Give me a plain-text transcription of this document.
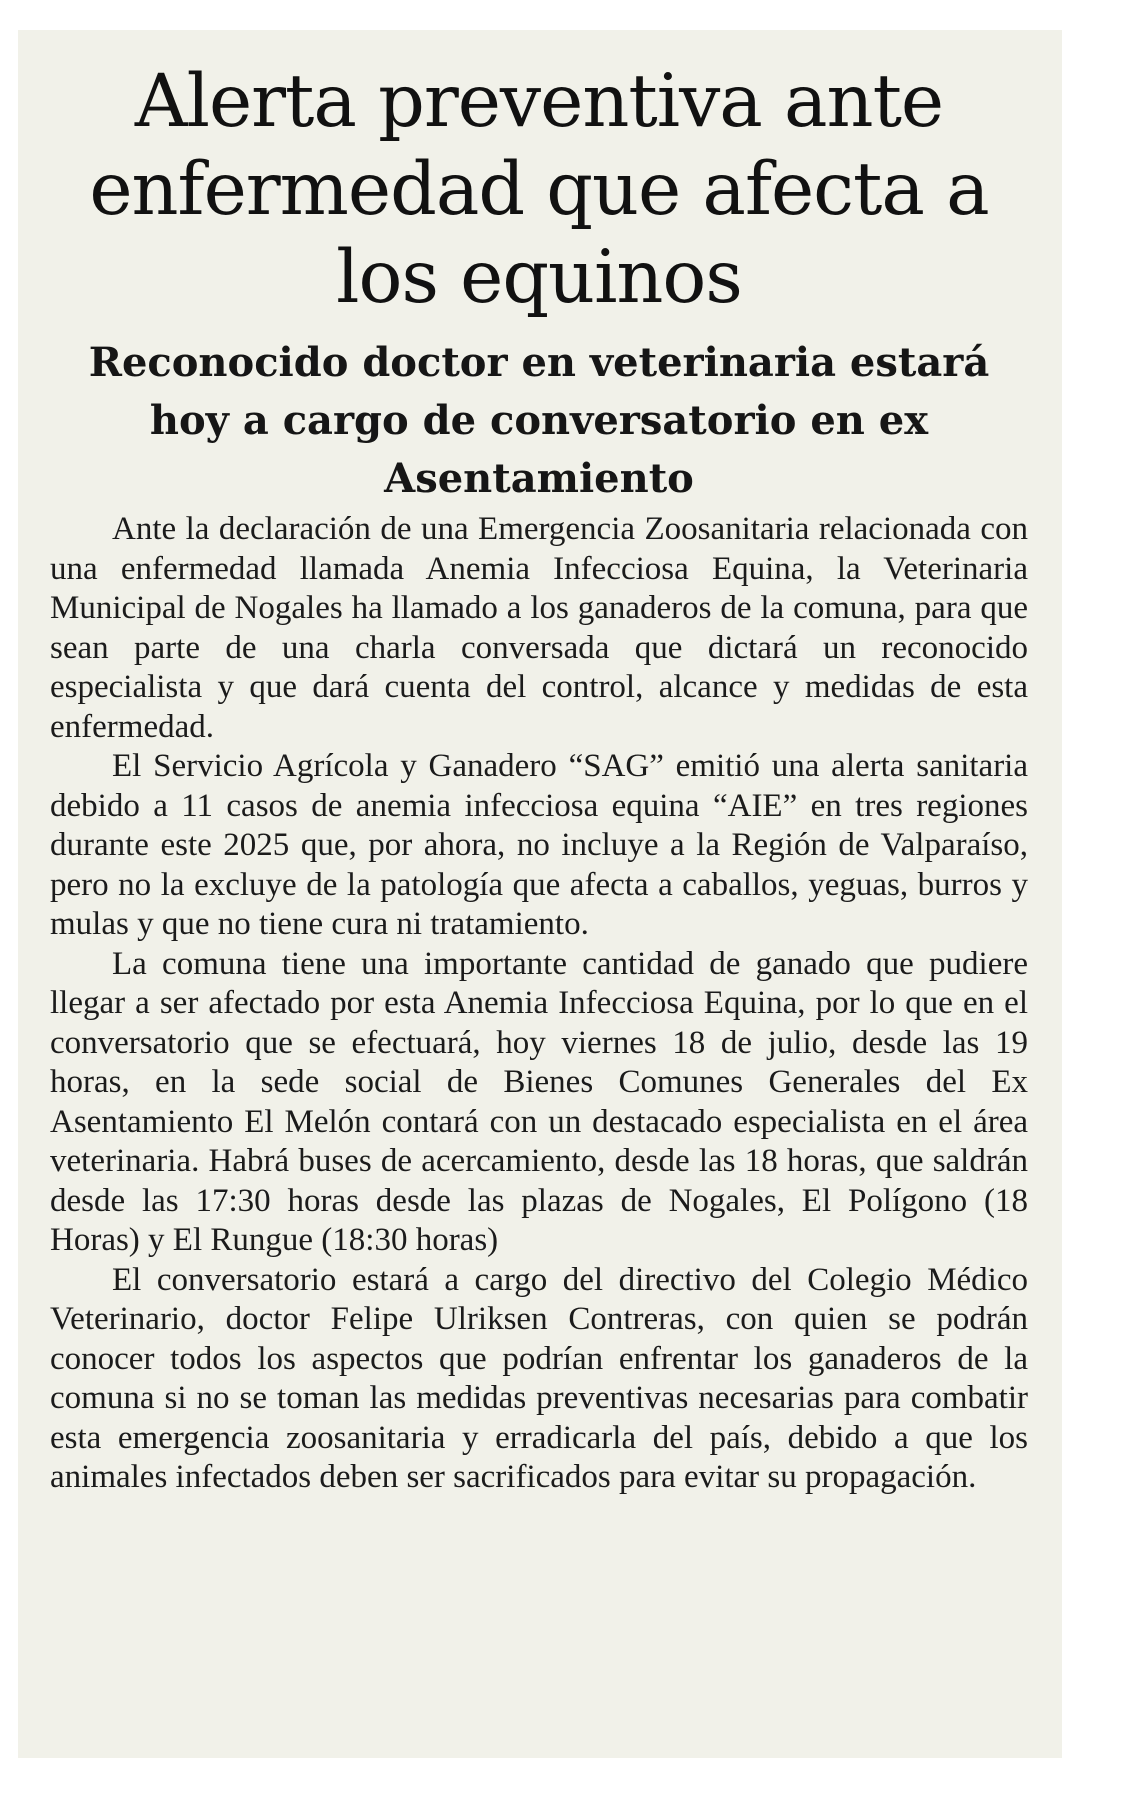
Alerta preventiva ante enfermedad que afecta a los equinos
Reconocido doctor en veterinaria estará hoy a cargo de conversatorio en ex Asentamiento

Ante la declaración de una Emergencia Zoosanitaria relacionada con una enfermedad llamada Anemia Infecciosa Equina, la Veterinaria Municipal de Nogales ha llamado a los ganaderos de la comuna, para que sean parte de una charla conversada que dictará un reconocido especialista y que dará cuenta del control, alcance y medidas de esta enfermedad.

El Servicio Agrícola y Ganadero “SAG” emitió una alerta sanitaria debido a 11 casos de anemia infecciosa equina “AIE” en tres regiones durante este 2025 que, por ahora, no incluye a la Región de Valparaíso, pero no la excluye de la patología que afecta a caballos, yeguas, burros y mulas y que no tiene cura ni tratamiento.

La comuna tiene una importante cantidad de ganado que pudiere llegar a ser afectado por esta Anemia Infecciosa Equina, por lo que en el conversatorio que se efectuará, hoy viernes 18 de julio, desde las 19 horas, en la sede social de Bienes Comunes Generales del Ex Asentamiento El Melón contará con un destacado especialista en el área veterinaria. Habrá buses de acercamiento, desde las 18 horas, que saldrán desde las 17:30 horas desde las plazas de Nogales, El Polígono (18 Horas) y El Rungue (18:30 horas)

El conversatorio estará a cargo del directivo del Colegio Médico Veterinario, doctor Felipe Ulriksen Contreras, con quien se podrán conocer todos los aspectos que podrían enfrentar los ganaderos de la comuna si no se toman las medidas preventivas necesarias para combatir esta emergencia zoosanitaria y erradicarla del país, debido a que los animales infectados deben ser sacrificados para evitar su propagación.
